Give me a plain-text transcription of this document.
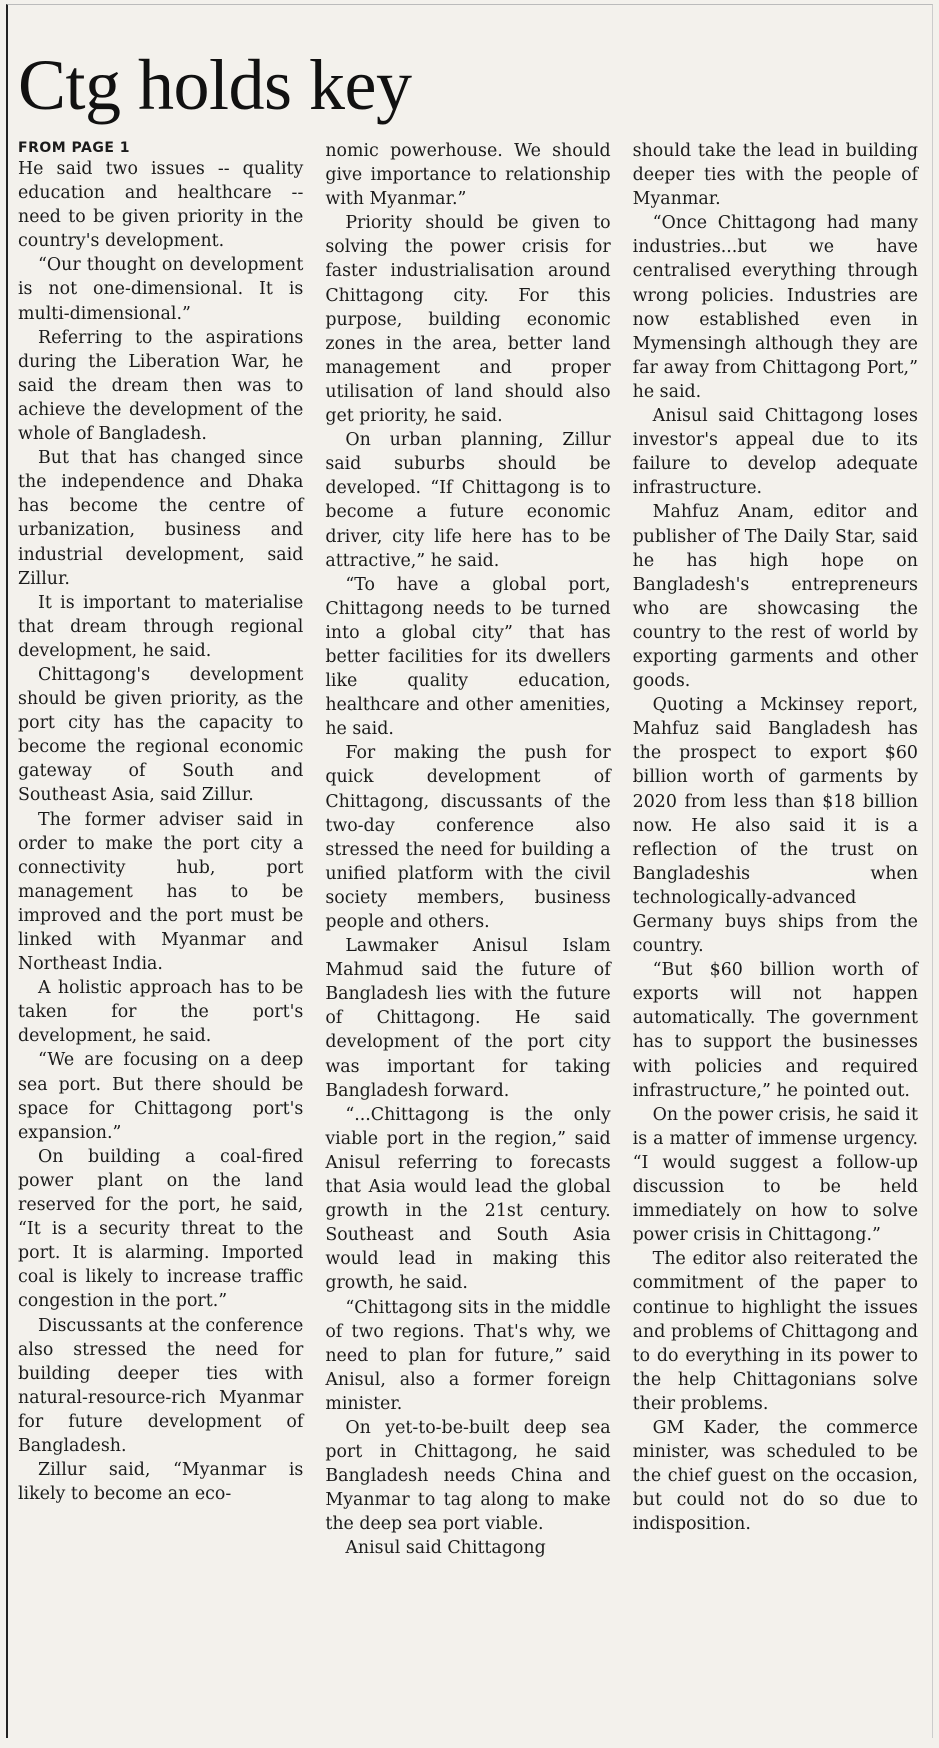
Ctg holds key
FROM PAGE 1

He said two issues -- quality education and healthcare -- need to be given priority in the country's development.

“Our thought on development is not one-dimensional. It is multi-dimensional.”

Referring to the aspirations during the Liberation War, he said the dream then was to achieve the development of the whole of Bangladesh.

But that has changed since the independence and Dhaka has become the centre of urbanization, business and industrial development, said Zillur.

It is important to materialise that dream through regional development, he said.

Chittagong's development should be given priority, as the port city has the capacity to become the regional economic gateway of South and Southeast Asia, said Zillur.

The former adviser said in order to make the port city a connectivity hub, port management has to be improved and the port must be linked with Myanmar and Northeast India.

A holistic approach has to be taken for the port's development, he said.

“We are focusing on a deep sea port. But there should be space for Chittagong port's expansion.”

On building a coal-fired power plant on the land reserved for the port, he said, “It is a security threat to the port. It is alarming. Imported coal is likely to increase traffic congestion in the port.”

Discussants at the conference also stressed the need for building deeper ties with natural-resource-rich Myanmar for future development of Bangladesh.

Zillur said, “Myanmar is likely to become an eco-

nomic powerhouse. We should give importance to relationship with Myanmar.”

Priority should be given to solving the power crisis for faster industrialisation around Chittagong city. For this purpose, building economic zones in the area, better land management and proper utilisation of land should also get priority, he said.

On urban planning, Zillur said suburbs should be developed. “If Chittagong is to become a future economic driver, city life here has to be attractive,” he said.

“To have a global port, Chittagong needs to be turned into a global city” that has better facilities for its dwellers like quality education, healthcare and other amenities, he said.

For making the push for quick development of Chittagong, discussants of the two-day conference also stressed the need for building a unified platform with the civil society members, business people and others.

Lawmaker Anisul Islam Mahmud said the future of Bangladesh lies with the future of Chittagong. He said development of the port city was important for taking Bangladesh forward.

“...Chittagong is the only viable port in the region,” said Anisul referring to forecasts that Asia would lead the global growth in the 21st century. Southeast and South Asia would lead in making this growth, he said.

“Chittagong sits in the middle of two regions. That's why, we need to plan for future,” said Anisul, also a former foreign minister.

On yet-to-be-built deep sea port in Chittagong, he said Bangladesh needs China and Myanmar to tag along to make the deep sea port viable.

Anisul said Chittagong

should take the lead in building deeper ties with the people of Myanmar.

“Once Chittagong had many industries...but we have centralised everything through wrong policies. Industries are now established even in Mymensingh although they are far away from Chittagong Port,” he said.

Anisul said Chittagong loses investor's appeal due to its failure to develop adequate infrastructure.

Mahfuz Anam, editor and publisher of The Daily Star, said he has high hope on Bangladesh's entrepreneurs who are showcasing the country to the rest of world by exporting garments and other goods.

Quoting a Mckinsey report, Mahfuz said Bangladesh has the prospect to export $60 billion worth of garments by 2020 from less than $18 billion now. He also said it is a reflection of the trust on Bangladeshis when technologically-advanced Germany buys ships from the country.

“But $60 billion worth of exports will not happen automatically. The government has to support the businesses with policies and required infrastructure,” he pointed out.

On the power crisis, he said it is a matter of immense urgency. “I would suggest a follow-up discussion to be held immediately on how to solve power crisis in Chittagong.”

The editor also reiterated the commitment of the paper to continue to highlight the issues and problems of Chittagong and to do everything in its power to the help Chittagonians solve their problems.

GM Kader, the commerce minister, was scheduled to be the chief guest on the occasion, but could not do so due to indisposition.
